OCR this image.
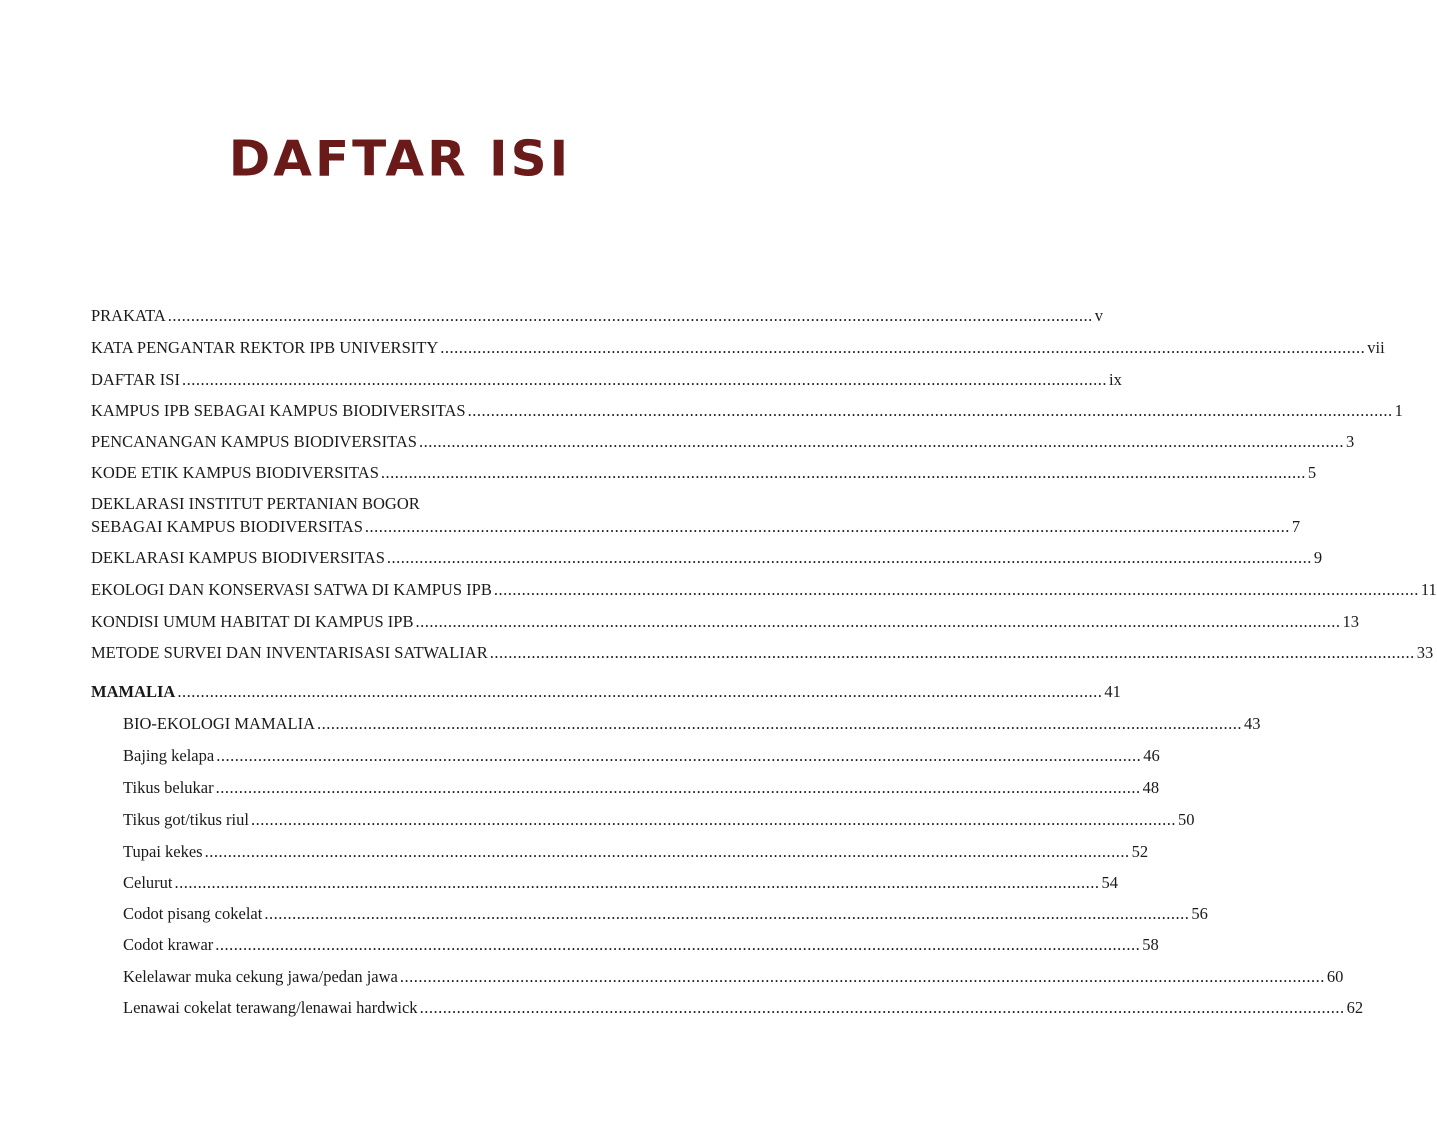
DAFTAR ISI
PRAKATA ........................................................................................................................................................................................................ v
KATA PENGANTAR REKTOR IPB UNIVERSITY ........................................................................................................................................................................................................ vii
DAFTAR ISI ........................................................................................................................................................................................................ ix
KAMPUS IPB SEBAGAI KAMPUS BIODIVERSITAS ........................................................................................................................................................................................................ 1
PENCANANGAN KAMPUS BIODIVERSITAS ........................................................................................................................................................................................................ 3
KODE ETIK KAMPUS BIODIVERSITAS ........................................................................................................................................................................................................ 5
DEKLARASI INSTITUT PERTANIAN BOGOR
SEBAGAI KAMPUS BIODIVERSITAS ........................................................................................................................................................................................................ 7
DEKLARASI KAMPUS BIODIVERSITAS ........................................................................................................................................................................................................ 9
EKOLOGI DAN KONSERVASI SATWA DI KAMPUS IPB ........................................................................................................................................................................................................ 11
KONDISI UMUM HABITAT DI KAMPUS IPB ........................................................................................................................................................................................................ 13
METODE SURVEI DAN INVENTARISASI SATWALIAR ........................................................................................................................................................................................................ 33
MAMALIA ........................................................................................................................................................................................................ 41
BIO-EKOLOGI MAMALIA ........................................................................................................................................................................................................ 43
Bajing kelapa ........................................................................................................................................................................................................ 46
Tikus belukar ........................................................................................................................................................................................................ 48
Tikus got/tikus riul ........................................................................................................................................................................................................ 50
Tupai kekes ........................................................................................................................................................................................................ 52
Celurut ........................................................................................................................................................................................................ 54
Codot pisang cokelat ........................................................................................................................................................................................................ 56
Codot krawar ........................................................................................................................................................................................................ 58
Kelelawar muka cekung jawa/pedan jawa ........................................................................................................................................................................................................ 60
Lenawai cokelat terawang/lenawai hardwick ........................................................................................................................................................................................................ 62
